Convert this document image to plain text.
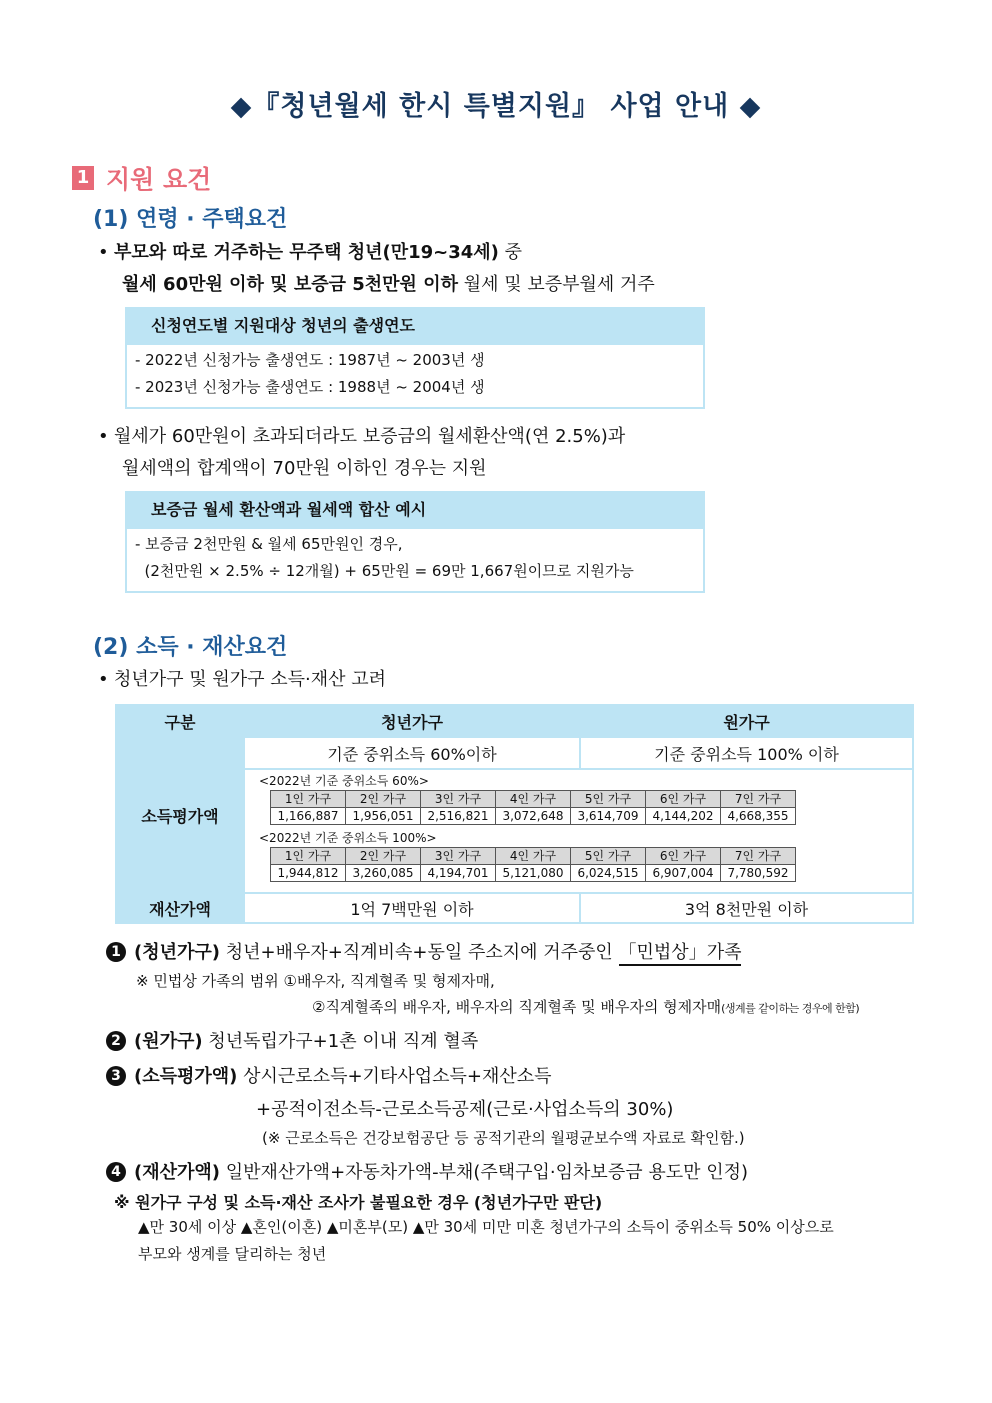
◆『청년월세 한시 특별지원』 사업 안내 ◆
1 지원 요건
(1) 연령 · 주택요건
• 부모와 따로 거주하는 무주택 청년(만19~34세) 중
월세 60만원 이하 및 보증금 5천만원 이하 월세 및 보증부월세 거주
신청연도별 지원대상 청년의 출생연도
- 2022년 신청가능 출생연도 : 1987년 ~ 2003년 생
- 2023년 신청가능 출생연도 : 1988년 ~ 2004년 생
• 월세가 60만원이 초과되더라도 보증금의 월세환산액(연 2.5%)과
월세액의 합계액이 70만원 이하인 경우는 지원
보증금 월세 환산액과 월세액 합산 예시
- 보증금 2천만원 & 월세 65만원인 경우,
(2천만원 × 2.5% ÷ 12개월) + 65만원 = 69만 1,667원이므로 지원가능
(2) 소득 · 재산요건
• 청년가구 및 원가구 소득·재산 고려
구분	청년가구	원가구
소득평가액	기준 중위소득 60%이하	기준 중위소득 100% 이하

<2022년 기준 중위소득 60%>
1인 가구	2인 가구	3인 가구	4인 가구	5인 가구	6인 가구	7인 가구
1,166,887	1,956,051	2,516,821	3,072,648	3,614,709	4,144,202	4,668,355
<2022년 기준 중위소득 100%>
1인 가구	2인 가구	3인 가구	4인 가구	5인 가구	6인 가구	7인 가구
1,944,812	3,260,085	4,194,701	5,121,080	6,024,515	6,907,004	7,780,592

재산가액	1억 7백만원 이하	3억 8천만원 이하
1 (청년가구) 청년+배우자+직계비속+동일 주소지에 거주중인 「민법상」가족
※ 민법상 가족의 범위 ①배우자, 직계혈족 및 형제자매,
②직계혈족의 배우자, 배우자의 직계혈족 및 배우자의 형제자매(생계를 같이하는 경우에 한함)
2 (원가구) 청년독립가구+1촌 이내 직계 혈족
3 (소득평가액) 상시근로소득+기타사업소득+재산소득
+공적이전소득-근로소득공제(근로·사업소득의 30%)
(※ 근로소득은 건강보험공단 등 공적기관의 월평균보수액 자료로 확인함.)
4 (재산가액) 일반재산가액+자동차가액-부채(주택구입·임차보증금 용도만 인정)
※ 원가구 구성 및 소득·재산 조사가 불필요한 경우 (청년가구만 판단)
▲만 30세 이상 ▲혼인(이혼) ▲미혼부(모) ▲만 30세 미만 미혼 청년가구의 소득이 중위소득 50% 이상으로
부모와 생계를 달리하는 청년
